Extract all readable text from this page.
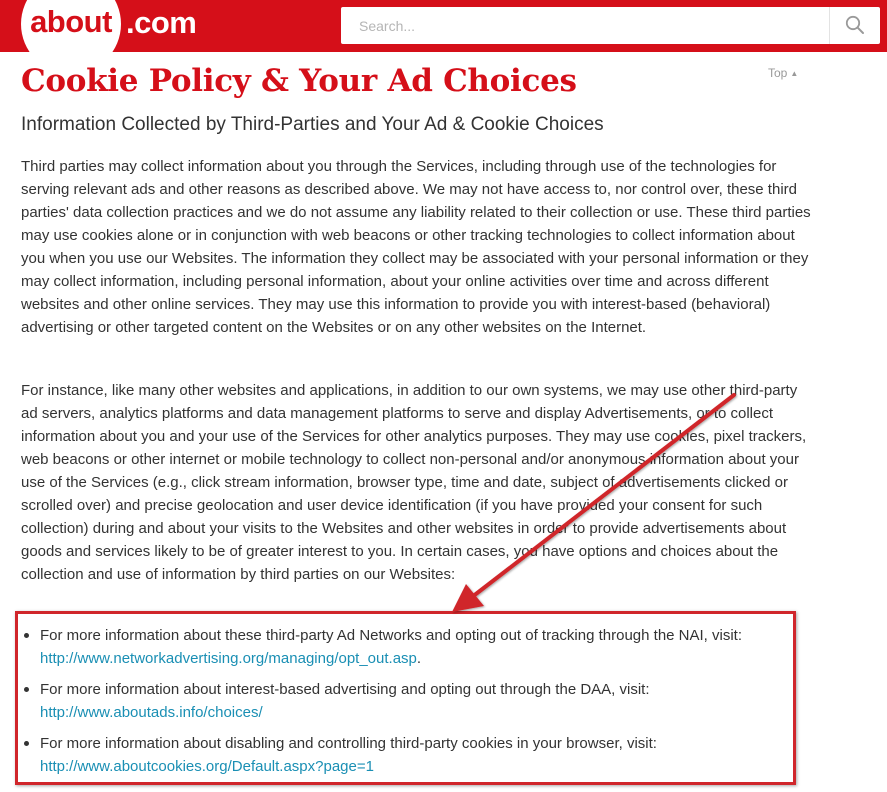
about .com
Search...
Top ▲
Cookie Policy & Your Ad Choices
Information Collected by Third-Parties and Your Ad & Cookie Choices

Third parties may collect information about you through the Services, including through use of the technologies for serving relevant ads and other reasons as described above. We may not have access to, nor control over, these third parties' data collection practices and we do not assume any liability related to their collection or use. These third parties may use cookies alone or in conjunction with web beacons or other tracking technologies to collect information about you when you use our Websites. The information they collect may be associated with your personal information or they may collect information, including personal information, about your online activities over time and across different websites and other online services. They may use this information to provide you with interest-based (behavioral) advertising or other targeted content on the Websites or on any other websites on the Internet.

For instance, like many other websites and applications, in addition to our own systems, we may use other third-party ad servers, analytics platforms and data management platforms to serve and display Advertisements, or to collect information about you and your use of the Services for other analytics purposes. They may use cookies, pixel trackers, web beacons or other internet or mobile technology to collect non-personal and/or anonymous information about your use of the Services (e.g., click stream information, browser type, time and date, subject of advertisements clicked or scrolled over) and precise geolocation and user device identification (if you have provided your consent for such collection) during and about your visits to the Websites and other websites in order to provide advertisements about goods and services likely to be of greater interest to you. In certain cases, you have options and choices about the collection and use of information by third parties on our Websites:

For more information about these third-party Ad Networks and opting out of tracking through the NAI, visit: http://www.networkadvertising.org/managing/opt_out.asp.
For more information about interest-based advertising and opting out through the DAA, visit: http://www.aboutads.info/choices/
For more information about disabling and controlling third-party cookies in your browser, visit: http://www.aboutcookies.org/Default.aspx?page=1
